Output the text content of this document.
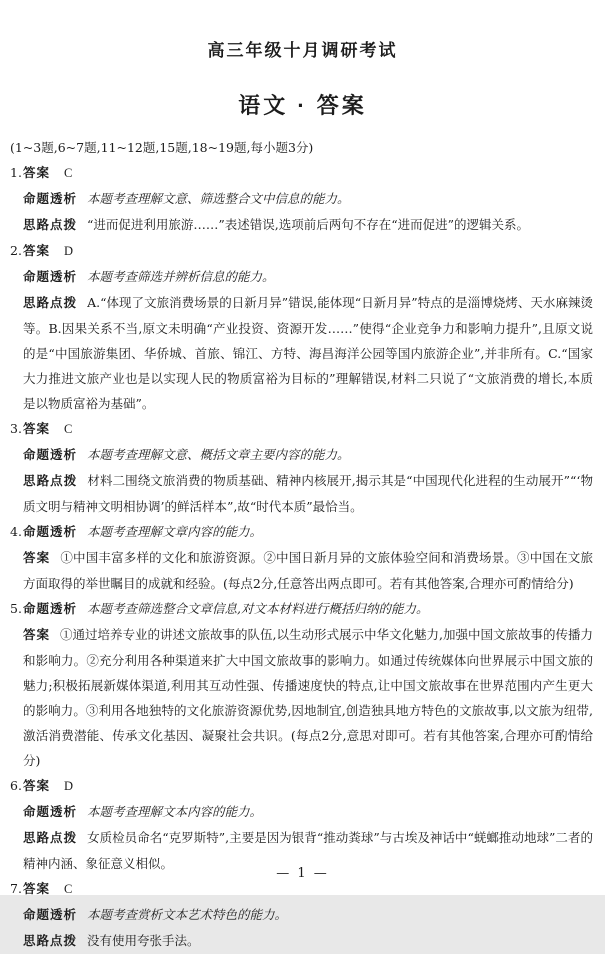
高三年级十月调研考试
语文 · 答案
(1~3题,6~7题,11~12题,15题,18~19题,每小题3分)
1. 答案 C
命题透析 本题考查理解文意、筛选整合文中信息的能力。
思路点拨 “进而促进利用旅游……”表述错误,选项前后两句不存在“进而促进”的逻辑关系。
2. 答案 D
命题透析 本题考查筛选并辨析信息的能力。
思路点拨 A.“体现了文旅消费场景的日新月异”错误,能体现“日新月异”特点的是淄博烧烤、天水麻辣烫等。B.因果关系不当,原文未明确“产业投资、资源开发……”使得“企业竞争力和影响力提升”,且原文说的是“中国旅游集团、华侨城、首旅、锦江、方特、海昌海洋公园等国内旅游企业”,并非所有。C.“国家大力推进文旅产业也是以实现人民的物质富裕为目标的”理解错误,材料二只说了“文旅消费的增长,本质是以物质富裕为基础”。
3. 答案 C
命题透析 本题考查理解文意、概括文章主要内容的能力。
思路点拨 材料二围绕文旅消费的物质基础、精神内核展开,揭示其是“中国现代化进程的生动展开”“‘物质文明与精神文明相协调’的鲜活样本”,故“时代本质”最恰当。
4. 命题透析 本题考查理解文章内容的能力。
答案 ①中国丰富多样的文化和旅游资源。②中国日新月异的文旅体验空间和消费场景。③中国在文旅方面取得的举世瞩目的成就和经验。(每点2分,任意答出两点即可。若有其他答案,合理亦可酌情给分)
5. 命题透析 本题考查筛选整合文章信息,对文本材料进行概括归纳的能力。
答案 ①通过培养专业的讲述文旅故事的队伍,以生动形式展示中华文化魅力,加强中国文旅故事的传播力和影响力。②充分利用各种渠道来扩大中国文旅故事的影响力。如通过传统媒体向世界展示中国文旅的魅力;积极拓展新媒体渠道,利用其互动性强、传播速度快的特点,让中国文旅故事在世界范围内产生更大的影响力。③利用各地独特的文化旅游资源优势,因地制宜,创造独具地方特色的文旅故事,以文旅为纽带,激活消费潜能、传承文化基因、凝聚社会共识。(每点2分,意思对即可。若有其他答案,合理亦可酌情给分)
6. 答案 D
命题透析 本题考查理解文本内容的能力。
思路点拨 女质检员命名“克罗斯特”,主要是因为银背“推动粪球”与古埃及神话中“蜣螂推动地球”二者的精神内涵、象征意义相似。
7. 答案 C
命题透析 本题考查赏析文本艺术特色的能力。
思路点拨 没有使用夸张手法。
— 1 —
